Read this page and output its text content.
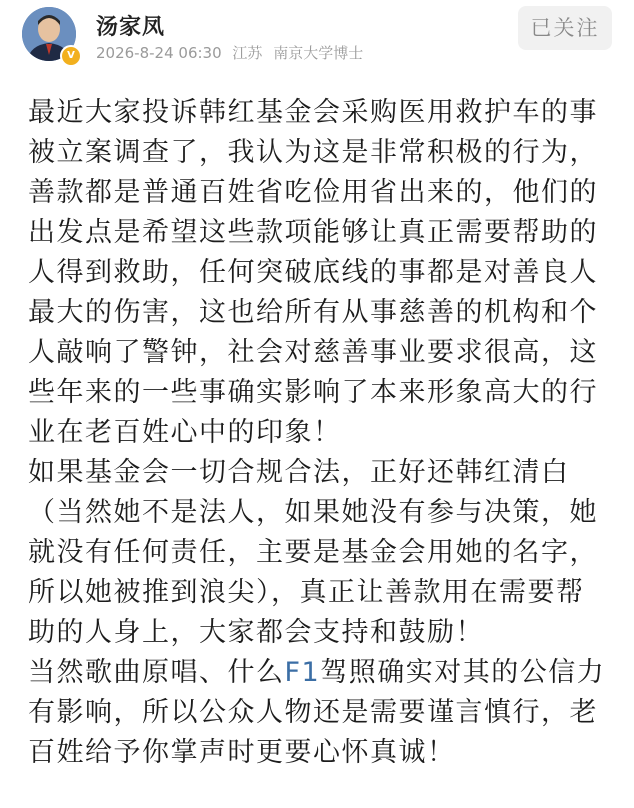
V
汤家凤
2026-8-24 06:30 江苏 南京大学博士
已关注

最近大家投诉韩红基金会采购医用救护车的事
被立案调查了，我认为这是非常积极的行为，
善款都是普通百姓省吃俭用省出来的，他们的
出发点是希望这些款项能够让真正需要帮助的
人得到救助，任何突破底线的事都是对善良人
最大的伤害，这也给所有从事慈善的机构和个
人敲响了警钟，社会对慈善事业要求很高，这
些年来的一些事确实影响了本来形象高大的行
业在老百姓心中的印象！

如果基金会一切合规合法，正好还韩红清白
（当然她不是法人，如果她没有参与决策，她
就没有任何责任，主要是基金会用她的名字，
所以她被推到浪尖），真正让善款用在需要帮
助的人身上，大家都会支持和鼓励！

当然歌曲原唱、什么F1驾照确实对其的公信力
有影响，所以公众人物还是需要谨言慎行，老
百姓给予你掌声时更要心怀真诚！
